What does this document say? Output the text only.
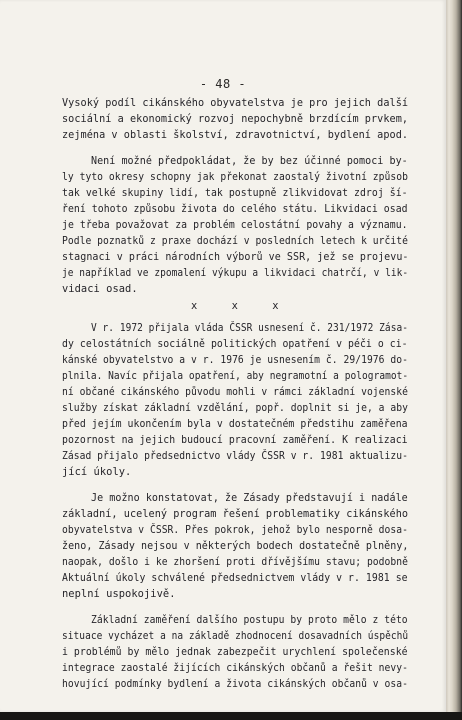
- 48 -
Vysoký podíl cikánského obyvatelstva je pro jejich další
sociální a ekonomický rozvoj nepochybně brzdícím prvkem,
zejména v oblasti školství, zdravotnictví, bydlení apod.
Není možné předpokládat, že by bez účinné pomoci by-
ly tyto okresy schopny jak překonat zaostalý životní způsob
tak velké skupiny lidí, tak postupně zlikvidovat zdroj ší-
ření tohoto způsobu života do celého státu. Likvidaci osad
je třeba považovat za problém celostátní povahy a významu.
Podle poznatků z praxe dochází v posledních letech k určité
stagnaci v práci národních výborů ve SSR, jež se projevu-
je například ve zpomalení výkupu a likvidaci chatrčí, v lik-
vidaci osad.
x x x
V r. 1972 přijala vláda ČSSR usnesení č. 231/1972 Zása-
dy celostátních sociálně politických opatření v péči o ci-
kánské obyvatelstvo a v r. 1976 je usnesením č. 29/1976 do-
plnila. Navíc přijala opatření, aby negramotní a pologramot-
ní občané cikánského původu mohli v rámci základní vojenské
služby získat základní vzdělání, popř. doplnit si je, a aby
před jejím ukončením byla v dostatečném předstihu zaměřena
pozornost na jejich budoucí pracovní zaměření. K realizaci
Zásad přijalo předsednictvo vlády ČSSR v r. 1981 aktualizu-
jící úkoly.
Je možno konstatovat, že Zásady představují i nadále
základní, ucelený program řešení problematiky cikánského
obyvatelstva v ČSSR. Přes pokrok, jehož bylo nesporně dosa-
ženo, Zásady nejsou v některých bodech dostatečně plněny,
naopak, došlo i ke zhoršení proti dřívějšímu stavu; podobně
Aktuální úkoly schválené předsednictvem vlády v r. 1981 se
neplní uspokojivě.
Základní zaměření dalšího postupu by proto mělo z této
situace vycházet a na základě zhodnocení dosavadních úspěchů
i problémů by mělo jednak zabezpečit urychlení společenské
integrace zaostalé žijících cikánských občanů a řešit nevy-
hovující podmínky bydlení a života cikánských občanů v osa-
